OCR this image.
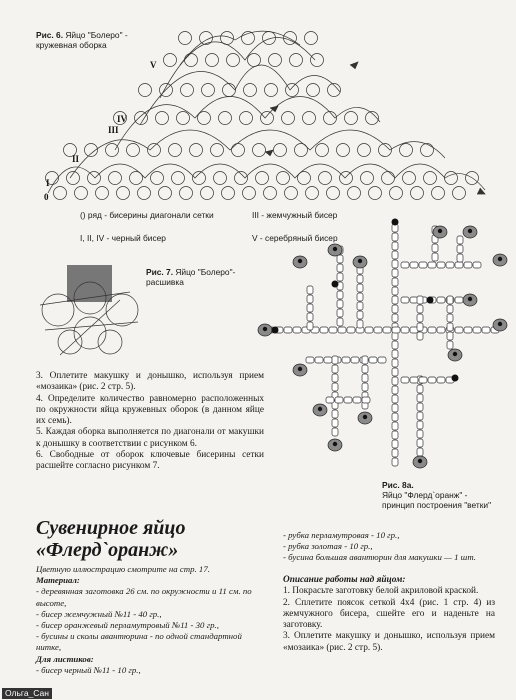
Рис. 6. Яйцо "Болеро" -
кружевная оборка
V
IV
III
II
I
0
() ряд - бисерины диагонали сетки
I, II, IV - черный бисер
III - жемчужный бисер
V - серебряный бисер
Рис. 7. Яйцо "Болеро"-
расшивка

3. Оплетите макушку и донышко, используя прием «мозаика» (рис. 2 стр. 5).

4. Определите количество равномерно расположенных по окружности яйца кружевных оборок (в данном яйце их семь).

5. Каждая оборка выполняется по диагонали от макушки к донышку в соответствии с рисунком 6.

6. Свободные от оборок ключевые бисерины сетки расшейте согласно рисунком 7.

Рис. 8а.
Яйцо "Флерд`оранж" -
принцип построения "ветки"
Сувенирное яйцо
«Флерд`оранж»

Цветную иллюстрацию смотрите на стр. 17.

Материал:

- деревянная заготовка 26 см. по окружности и 11 см. по высоте,

- бисер жемчужный №11 - 40 гр.,

- бисер оранжевый перламутровый №11 - 30 гр.,

- бусины и сколы авантюрина - по одной стандартной нитке,

Для листиков:

- бисер черный №11 - 10 гр.,

- рубка перламутровая - 10 гр.,

- рубка золотая - 10 гр.,

- бусина большая авантюрин для макушки — 1 шт.

Описание работы над яйцом:

1. Покрасьте заготовку белой акриловой краской.

2. Сплетите поясок сеткой 4х4 (рис. 1 стр. 4) из жемчужного бисера, сшейте его и наденьте на заготовку.

3. Оплетите макушку и донышко, используя прием «мозаика» (рис. 2 стр. 5).

Ольга_Сан
